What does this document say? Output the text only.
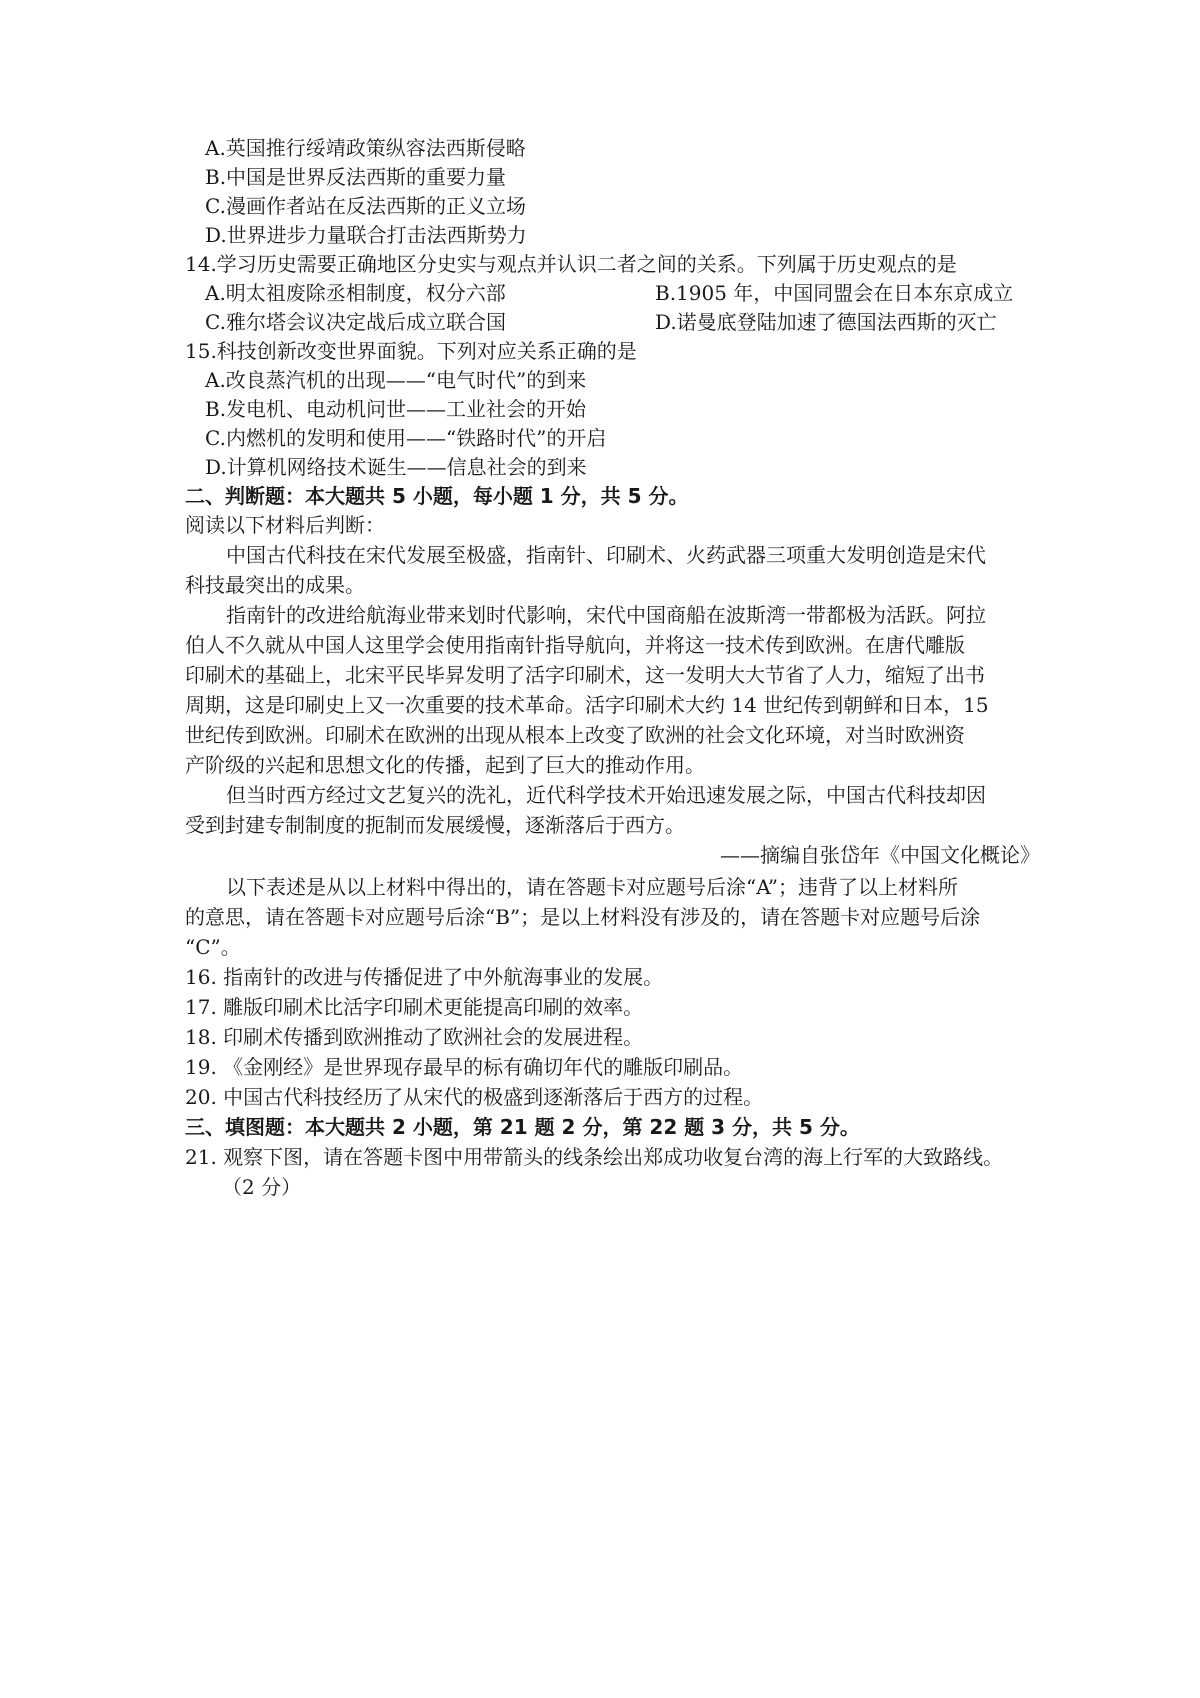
A.英国推行绥靖政策纵容法西斯侵略
B.中国是世界反法西斯的重要力量
C.漫画作者站在反法西斯的正义立场
D.世界进步力量联合打击法西斯势力
14.学习历史需要正确地区分史实与观点并认识二者之间的关系。下列属于历史观点的是
A.明太祖废除丞相制度，权分六部	B.1905 年，中国同盟会在日本东京成立
C.雅尔塔会议决定战后成立联合国	D.诺曼底登陆加速了德国法西斯的灭亡
15.科技创新改变世界面貌。下列对应关系正确的是
A.改良蒸汽机的出现——“电气时代”的到来
B.发电机、电动机问世——工业社会的开始
C.内燃机的发明和使用——“铁路时代”的开启
D.计算机网络技术诞生——信息社会的到来
二、判断题：本大题共 5 小题，每小题 1 分，共 5 分。
阅读以下材料后判断：
中国古代科技在宋代发展至极盛，指南针、印刷术、火药武器三项重大发明创造是宋代
科技最突出的成果。
指南针的改进给航海业带来划时代影响，宋代中国商船在波斯湾一带都极为活跃。阿拉
伯人不久就从中国人这里学会使用指南针指导航向，并将这一技术传到欧洲。在唐代雕版
印刷术的基础上，北宋平民毕昇发明了活字印刷术，这一发明大大节省了人力，缩短了出书
周期，这是印刷史上又一次重要的技术革命。活字印刷术大约 14 世纪传到朝鲜和日本，15
世纪传到欧洲。印刷术在欧洲的出现从根本上改变了欧洲的社会文化环境，对当时欧洲资
产阶级的兴起和思想文化的传播，起到了巨大的推动作用。
但当时西方经过文艺复兴的洗礼，近代科学技术开始迅速发展之际，中国古代科技却因
受到封建专制制度的扼制而发展缓慢，逐渐落后于西方。
——摘编自张岱年《中国文化概论》
以下表述是从以上材料中得出的，请在答题卡对应题号后涂“A”；违背了以上材料所
的意思，请在答题卡对应题号后涂“B”；是以上材料没有涉及的，请在答题卡对应题号后涂
“C”。
16. 指南针的改进与传播促进了中外航海事业的发展。
17. 雕版印刷术比活字印刷术更能提高印刷的效率。
18. 印刷术传播到欧洲推动了欧洲社会的发展进程。
19. 《金刚经》是世界现存最早的标有确切年代的雕版印刷品。
20. 中国古代科技经历了从宋代的极盛到逐渐落后于西方的过程。
三、填图题：本大题共 2 小题，第 21 题 2 分，第 22 题 3 分，共 5 分。
21. 观察下图，请在答题卡图中用带箭头的线条绘出郑成功收复台湾的海上行军的大致路线。
（2 分）
